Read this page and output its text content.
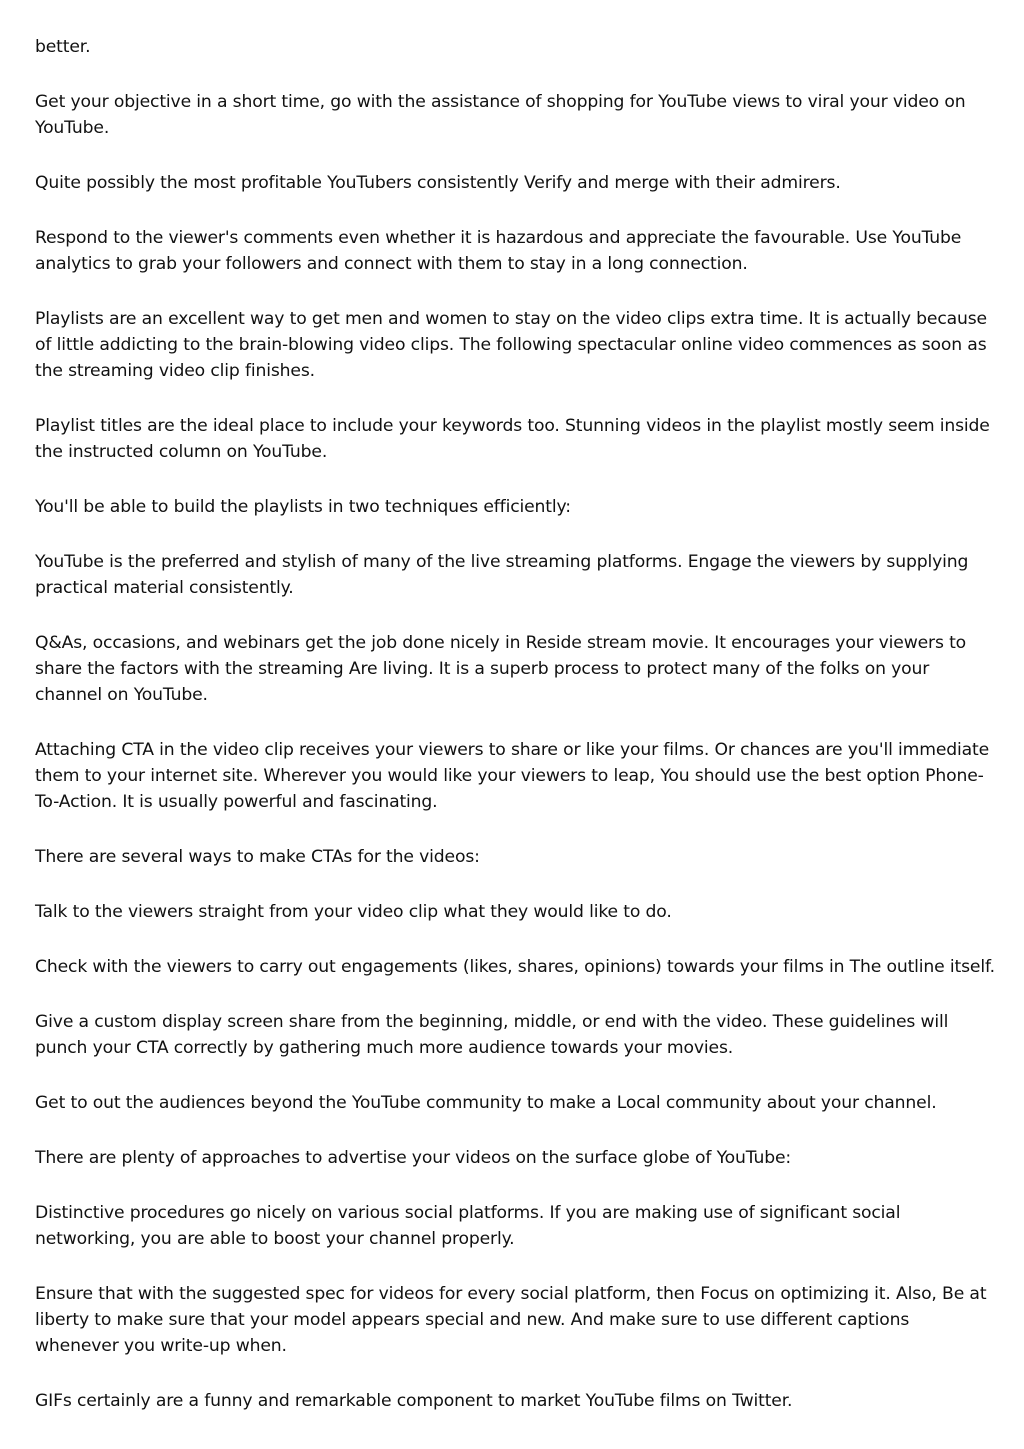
better.

Get your objective in a short time, go with the assistance of shopping for YouTube views to viral your video on YouTube.

Quite possibly the most profitable YouTubers consistently Verify and merge with their admirers.

Respond to the viewer's comments even whether it is hazardous and appreciate the favourable. Use YouTube analytics to grab your followers and connect with them to stay in a long connection.

Playlists are an excellent way to get men and women to stay on the video clips extra time. It is actually because of little addicting to the brain-blowing video clips. The following spectacular online video commences as soon as the streaming video clip finishes.

Playlist titles are the ideal place to include your keywords too. Stunning videos in the playlist mostly seem inside the instructed column on YouTube.

You'll be able to build the playlists in two techniques efficiently:

YouTube is the preferred and stylish of many of the live streaming platforms. Engage the viewers by supplying practical material consistently.

Q&As, occasions, and webinars get the job done nicely in Reside stream movie. It encourages your viewers to share the factors with the streaming Are living. It is a superb process to protect many of the folks on your channel on YouTube.

Attaching CTA in the video clip receives your viewers to share or like your films. Or chances are you'll immediate them to your internet site. Wherever you would like your viewers to leap, You should use the best option Phone-To-Action. It is usually powerful and fascinating.

There are several ways to make CTAs for the videos:

Talk to the viewers straight from your video clip what they would like to do.

Check with the viewers to carry out engagements (likes, shares, opinions) towards your films in The outline itself.

Give a custom display screen share from the beginning, middle, or end with the video. These guidelines will punch your CTA correctly by gathering much more audience towards your movies.

Get to out the audiences beyond the YouTube community to make a Local community about your channel.

There are plenty of approaches to advertise your videos on the surface globe of YouTube:

Distinctive procedures go nicely on various social platforms. If you are making use of significant social networking, you are able to boost your channel properly.

Ensure that with the suggested spec for videos for every social platform, then Focus on optimizing it. Also, Be at liberty to make sure that your model appears special and new. And make sure to use different captions whenever you write-up when.

GIFs certainly are a funny and remarkable component to market YouTube films on Twitter.
